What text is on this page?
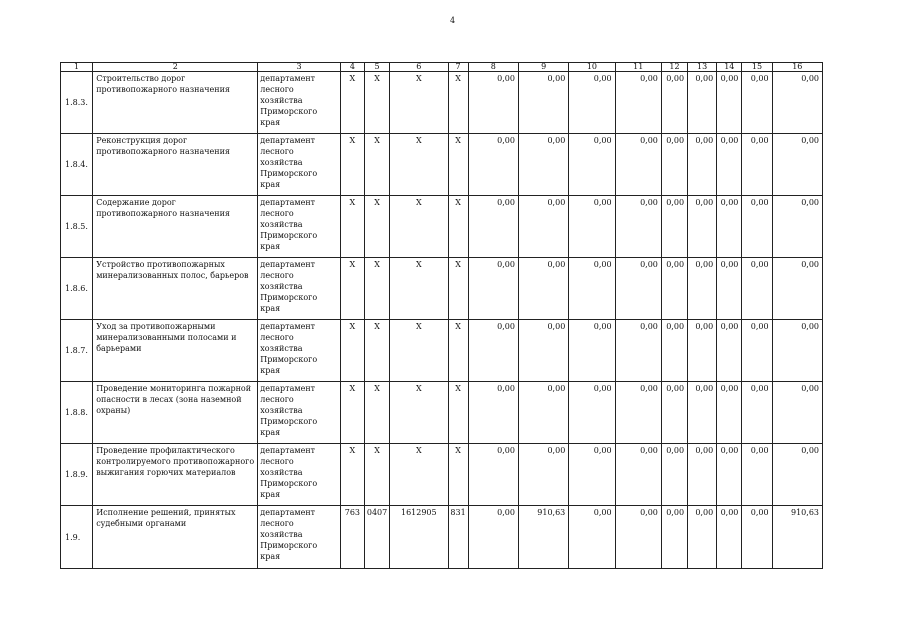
4
1	2	3	4	5	6	7	8	9	10	11	12	13	14	15	16
1.8.3.	Строительство дорог противопожарного назначения	департамент лесного хозяйства Приморского края	X	X	X	X	0,00	0,00	0,00	0,00	0,00	0,00	0,00	0,00	0,00
1.8.4.	Реконструкция дорог противопожарного назначения	департамент лесного хозяйства Приморского края	X	X	X	X	0,00	0,00	0,00	0,00	0,00	0,00	0,00	0,00	0,00
1.8.5.	Содержание дорог противопожарного назначения	департамент лесного хозяйства Приморского края	X	X	X	X	0,00	0,00	0,00	0,00	0,00	0,00	0,00	0,00	0,00
1.8.6.	Устройство противопожарных минерализованных полос, барьеров	департамент лесного хозяйства Приморского края	X	X	X	X	0,00	0,00	0,00	0,00	0,00	0,00	0,00	0,00	0,00
1.8.7.	Уход за противопожарными минерализованными полосами и барьерами	департамент лесного хозяйства Приморского края	X	X	X	X	0,00	0,00	0,00	0,00	0,00	0,00	0,00	0,00	0,00
1.8.8.	Проведение мониторинга пожарной опасности в лесах (зона наземной охраны)	департамент лесного хозяйства Приморского края	X	X	X	X	0,00	0,00	0,00	0,00	0,00	0,00	0,00	0,00	0,00
1.8.9.	Проведение профилактического контролируемого противопожарного выжигания горючих материалов	департамент лесного хозяйства Приморского края	X	X	X	X	0,00	0,00	0,00	0,00	0,00	0,00	0,00	0,00	0,00
1.9.	Исполнение решений, принятых судебными органами	департамент лесного хозяйства Приморского края	763	0407	1612905	831	0,00	910,63	0,00	0,00	0,00	0,00	0,00	0,00	910,63
